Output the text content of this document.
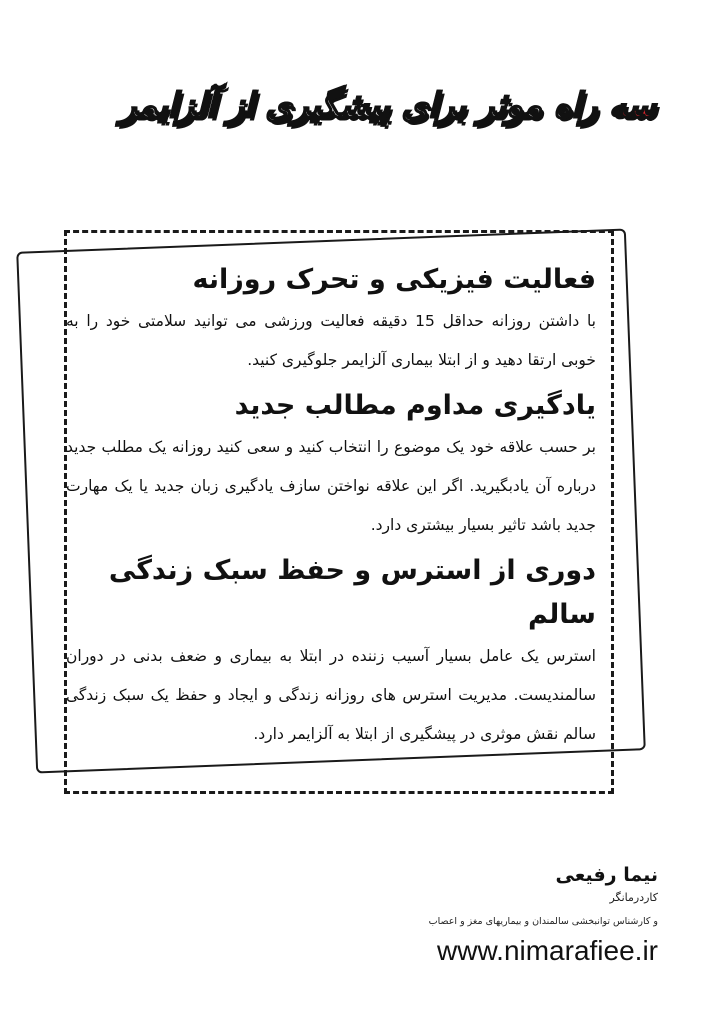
سه راه موثر برای پیشگیری از آلزایمر
فعالیت فیزیکی و تحرک روزانه

با داشتن روزانه حداقل 15 دقیقه فعالیت ورزشی می توانید سلامتی خود را به خوبی ارتقا دهید و از ابتلا بیماری آلزایمر جلوگیری کنید.

یادگیری مداوم مطالب جدید

بر حسب علاقه خود یک موضوع را انتخاب کنید و سعی کنید روزانه یک مطلب جدید درباره آن یادبگیرید. اگر این علاقه نواختن سازف یادگیری زبان جدید یا یک مهارت جدید باشد تاثیر بسیار بیشتری دارد.

دوری از استرس و حفظ سبک زندگی سالم

استرس یک عامل بسیار آسیب زننده در ابتلا به بیماری و ضعف بدنی در دوران سالمندیست. مدیریت استرس های روزانه زندگی و ایجاد و حفظ یک سبک زندگی سالم نقش موثری در پیشگیری از ابتلا به آلزایمر دارد.

نیما رفیعی
کاردرمانگر
و کارشناس توانبخشی سالمندان و بیماریهای مغز و اعصاب
www.nimarafiee.ir
